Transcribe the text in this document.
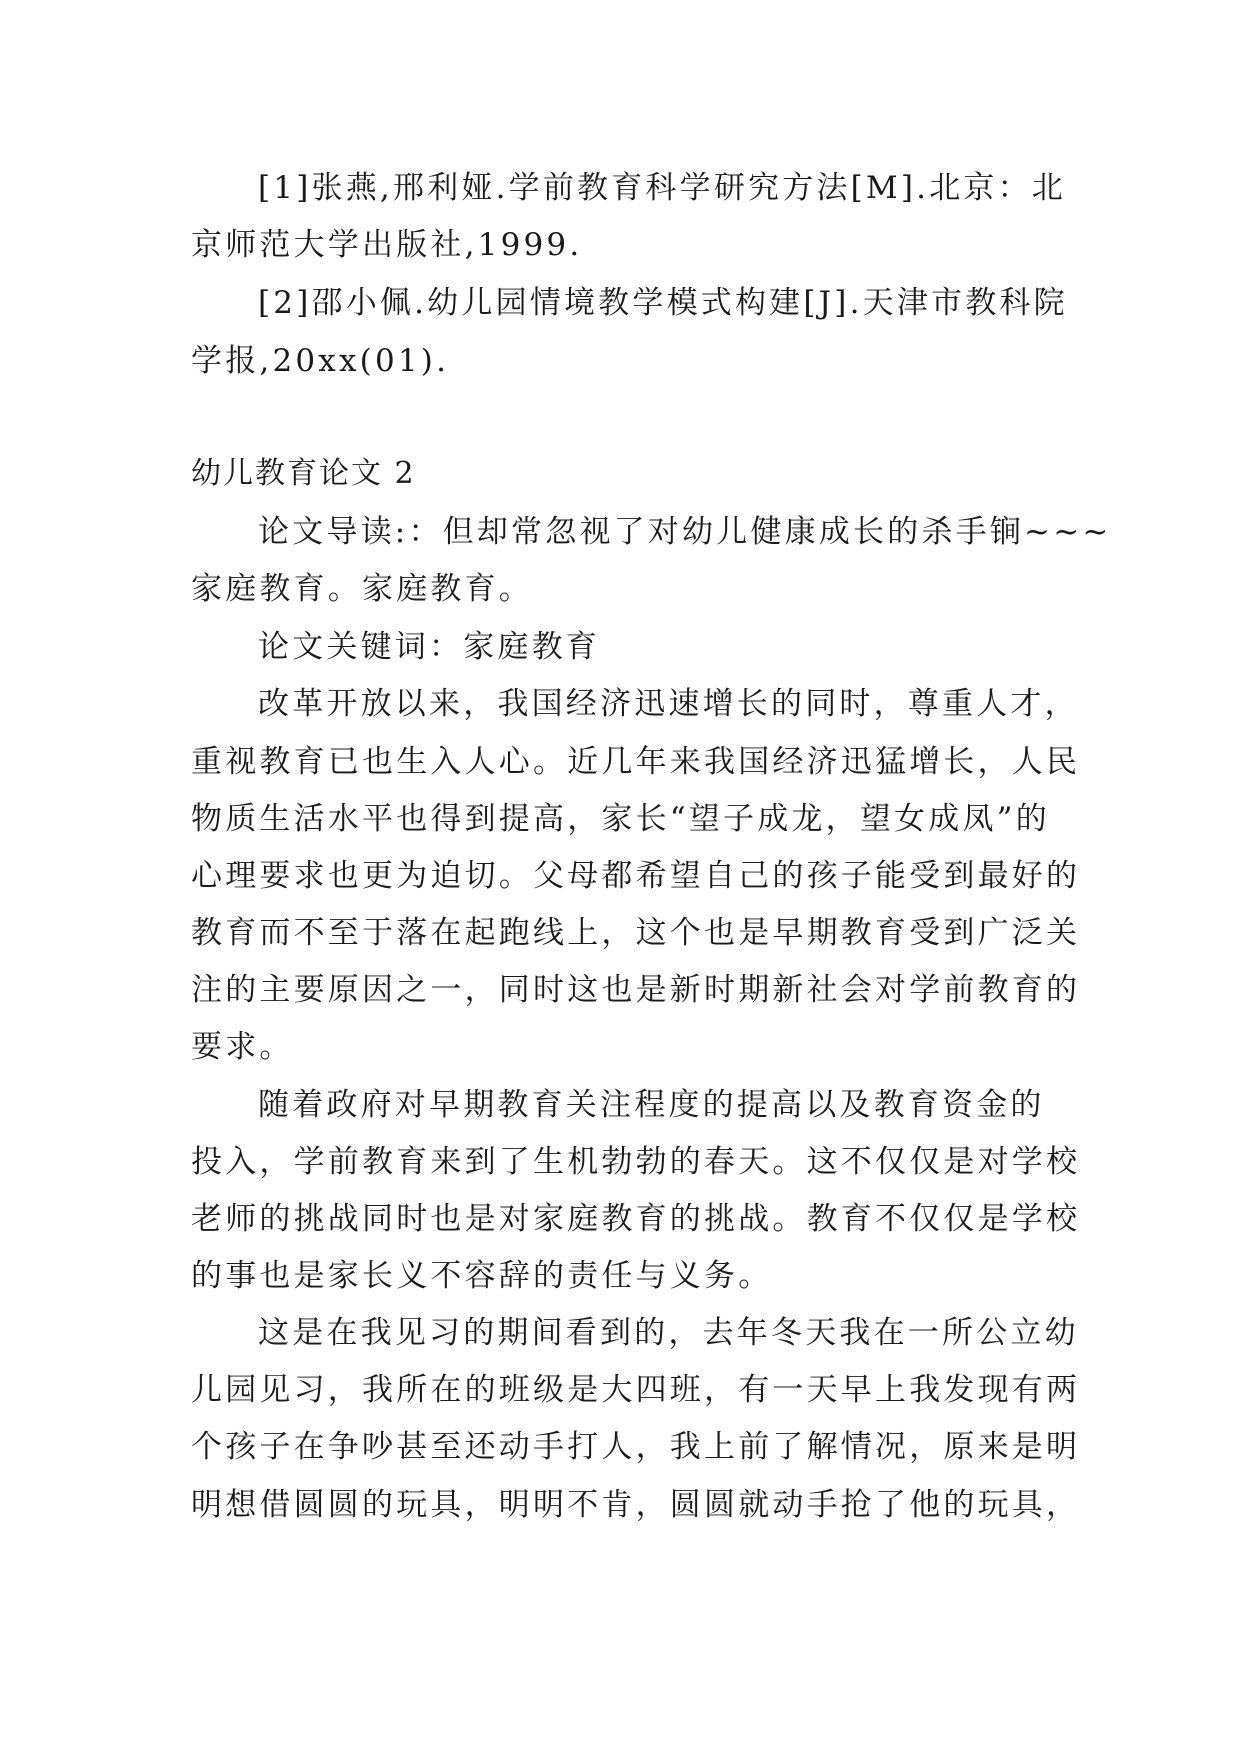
[1]张燕,邢利娅.学前教育科学研究方法[M].北京：北
京师范大学出版社,1999.
[2]邵小佩.幼儿园情境教学模式构建[J].天津市教科院
学报,20xx(01).
幼儿教育论文 2
论文导读:：但却常忽视了对幼儿健康成长的杀手锏~~~
家庭教育。家庭教育。
论文关键词：家庭教育
改革开放以来，我国经济迅速增长的同时，尊重人才，
重视教育已也生入人心。近几年来我国经济迅猛增长，人民
物质生活水平也得到提高，家长“望子成龙，望女成凤”的
心理要求也更为迫切。父母都希望自己的孩子能受到最好的
教育而不至于落在起跑线上，这个也是早期教育受到广泛关
注的主要原因之一，同时这也是新时期新社会对学前教育的
要求。
随着政府对早期教育关注程度的提高以及教育资金的
投入，学前教育来到了生机勃勃的春天。这不仅仅是对学校
老师的挑战同时也是对家庭教育的挑战。教育不仅仅是学校
的事也是家长义不容辞的责任与义务。
这是在我见习的期间看到的，去年冬天我在一所公立幼
儿园见习，我所在的班级是大四班，有一天早上我发现有两
个孩子在争吵甚至还动手打人，我上前了解情况，原来是明
明想借圆圆的玩具，明明不肯，圆圆就动手抢了他的玩具，
